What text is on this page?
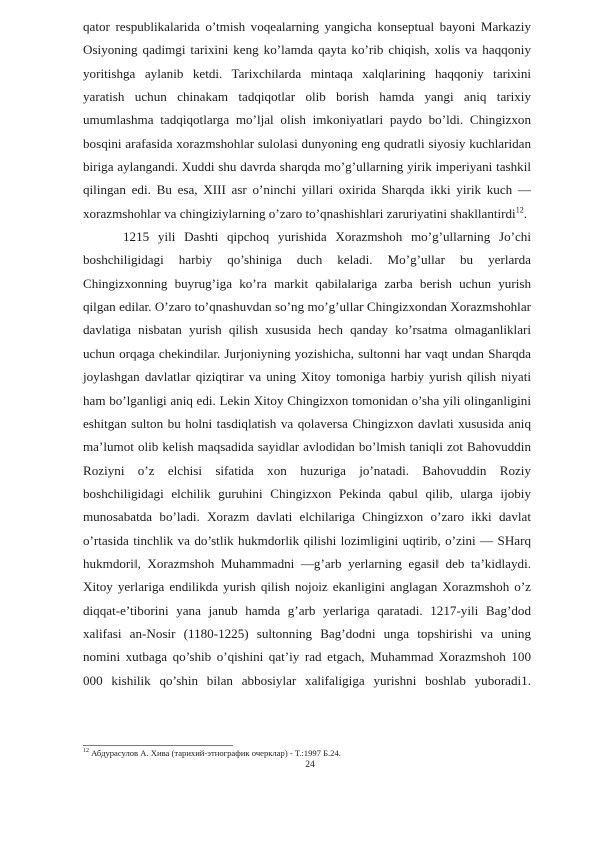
qator respublikalarida o’tmish voqealarning yangicha konseptual bayoni Markaziy Osiyoning qadimgi tarixini keng ko’lamda qayta ko’rib chiqish, xolis va haqqoniy yoritishga aylanib ketdi. Tarixchilarda mintaqa xalqlarining haqqoniy tarixini yaratish uchun chinakam tadqiqotlar olib borish hamda yangi aniq tarixiy umumlashma tadqiqotlarga mo’ljal olish imkoniyatlari paydo bo’ldi. Chingizxon bosqini arafasida xorazmshohlar sulolasi dunyoning eng qudratli siyosiy kuchlaridan biriga aylangandi. Xuddi shu davrda sharqda mo’g’ullarning yirik imperiyani tashkil qilingan edi. Bu esa, XIII asr o’ninchi yillari oxirida Sharqda ikki yirik kuch — xorazmshohlar va chingiziylarning o’zaro to’qnashishlari zaruriyatini shakllantirdi$^{12}$.

1215 yili Dashti qipchoq yurishida Xorazmshoh mo’g’ullarning Jo’chi boshchiligidagi harbiy qo’shiniga duch keladi. Mo’g’ullar bu yerlarda Chingizxonning buyrug’iga ko’ra markit qabilalariga zarba berish uchun yurish qilgan edilar. O’zaro to’qnashuvdan so’ng mo’g’ullar Chingizxondan Xorazmshohlar davlatiga nisbatan yurish qilish xususida hech qanday ko’rsatma olmaganliklari uchun orqaga chekindilar. Jurjoniyning yozishicha, sultonni har vaqt undan Sharqda joylashgan davlatlar qiziqtirar va uning Xitoy tomoniga harbiy yurish qilish niyati ham bo’lganligi aniq edi. Lekin Xitoy Chingizxon tomonidan o’sha yili olinganligini eshitgan sulton bu holni tasdiqlatish va qolaversa Chingizxon davlati xususida aniq ma’lumot olib kelish maqsadida sayidlar avlodidan bo’lmish taniqli zot Bahovuddin Roziyni o’z elchisi sifatida xon huzuriga jo’natadi. Bahovuddin Roziy boshchiligidagi elchilik guruhini Chingizxon Pekinda qabul qilib, ularga ijobiy munosabatda bo’ladi. Xorazm davlati elchilariga Chingizxon o’zaro ikki davlat o’rtasida tinchlik va do’stlik hukmdorlik qilishi lozimligini uqtirib, o’zini — SHarq hukmdori‖, Xorazmshoh Muhammadni —g’arb yerlarning egasi‖ deb ta’kidlaydi. Xitoy yerlariga endilikda yurish qilish nojoiz ekanligini anglagan Xorazmshoh o’z diqqat-e’tiborini yana janub hamda g’arb yerlariga qaratadi. 1217-yili Bag’dod xalifasi an-Nosir (1180-1225) sultonning Bag’dodni unga topshirishi va uning nomini xutbaga qo’shib o’qishini qat’iy rad etgach, Muhammad Xorazmshoh 100 000 kishilik qo’shin bilan abbosiylar xalifaligiga yurishni boshlab yuboradi1.

$^{12}$ Абдурасулов А. Хива (тарихий-этнографик очерклар) - Т.:1997 Б.24.
24
